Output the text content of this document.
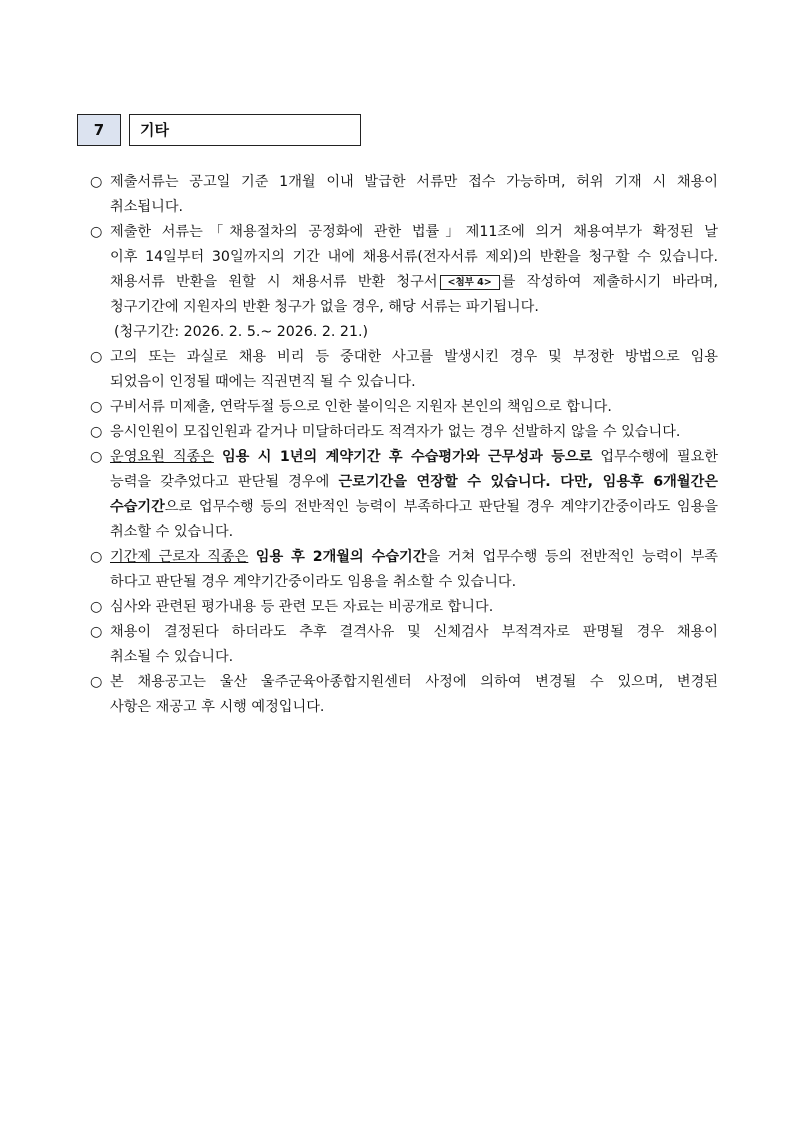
7	기타
○ 제출서류는 공고일 기준 1개월 이내 발급한 서류만 접수 가능하며, 허위 기재 시 채용이
취소됩니다.
○ 제출한 서류는「채용절차의 공정화에 관한 법률」제11조에 의거 채용여부가 확정된 날
이후 14일부터 30일까지의 기간 내에 채용서류(전자서류 제외)의 반환을 청구할 수 있습니다.
채용서류 반환을 원할 시 채용서류 반환 청구서 <첨부 4> 를 작성하여 제출하시기 바라며,
청구기간에 지원자의 반환 청구가 없을 경우, 해당 서류는 파기됩니다.
(청구기간: 2026. 2. 5.~ 2026. 2. 21.)
○ 고의 또는 과실로 채용 비리 등 중대한 사고를 발생시킨 경우 및 부정한 방법으로 임용
되었음이 인정될 때에는 직권면직 될 수 있습니다.
○ 구비서류 미제출, 연락두절 등으로 인한 불이익은 지원자 본인의 책임으로 합니다.
○ 응시인원이 모집인원과 같거나 미달하더라도 적격자가 없는 경우 선발하지 않을 수 있습니다.
○ 운영요원 직종은 임용 시 1년의 계약기간 후 수습평가와 근무성과 등으로 업무수행에 필요한
능력을 갖추었다고 판단될 경우에 근로기간을 연장할 수 있습니다. 다만, 임용후 6개월간은
수습기간으로 업무수행 등의 전반적인 능력이 부족하다고 판단될 경우 계약기간중이라도 임용을
취소할 수 있습니다.
○ 기간제 근로자 직종은 임용 후 2개월의 수습기간을 거쳐 업무수행 등의 전반적인 능력이 부족
하다고 판단될 경우 계약기간중이라도 임용을 취소할 수 있습니다.
○ 심사와 관련된 평가내용 등 관련 모든 자료는 비공개로 합니다.
○ 채용이 결정된다 하더라도 추후 결격사유 및 신체검사 부적격자로 판명될 경우 채용이
취소될 수 있습니다.
○ 본 채용공고는 울산 울주군육아종합지원센터 사정에 의하여 변경될 수 있으며, 변경된
사항은 재공고 후 시행 예정입니다.
